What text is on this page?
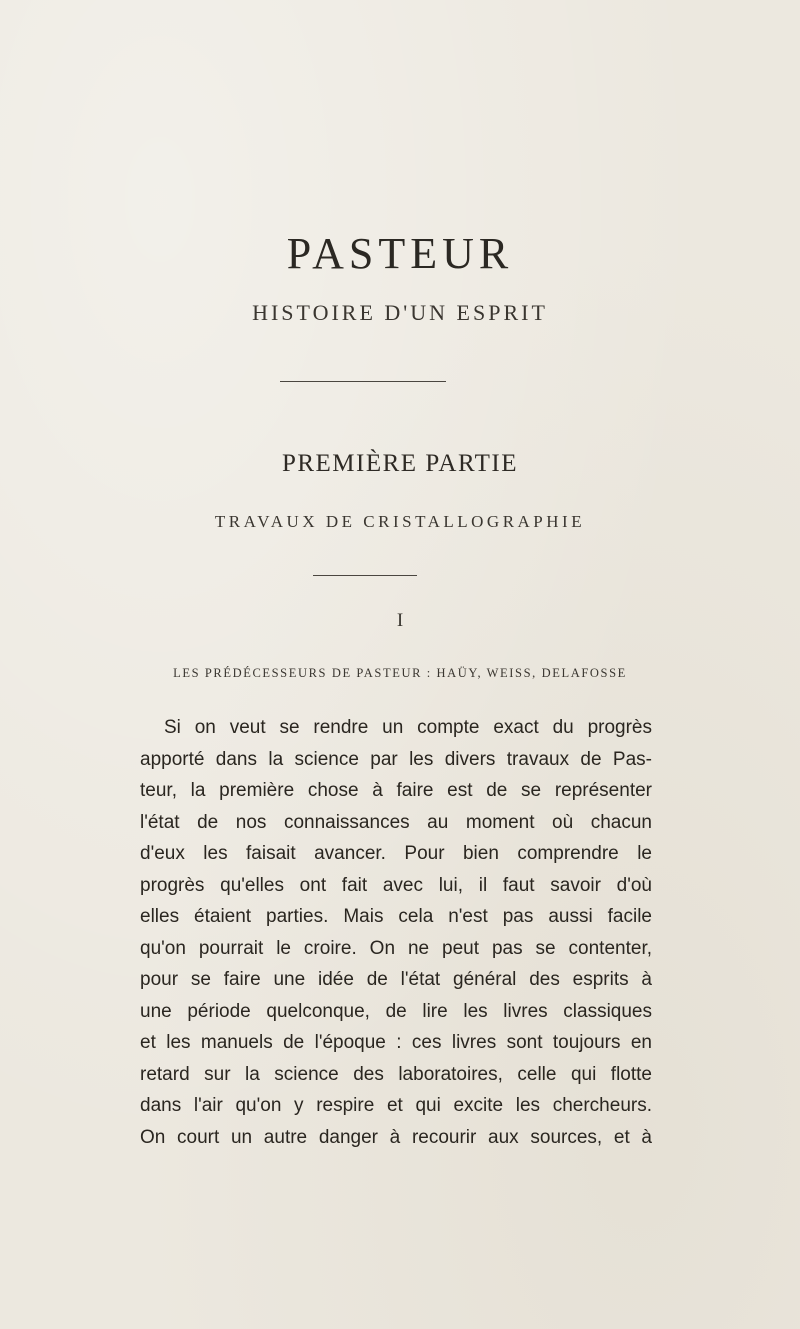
PASTEUR
HISTOIRE D'UN ESPRIT
PREMIÈRE PARTIE
TRAVAUX DE CRISTALLOGRAPHIE
I
LES PRÉDÉCESSEURS DE PASTEUR : HAÜY, WEISS, DELAFOSSE
Si on veut se rendre un compte exact du progrès
apporté dans la science par les divers travaux de Pas-
teur, la première chose à faire est de se représenter
l'état de nos connaissances au moment où chacun
d'eux les faisait avancer. Pour bien comprendre le
progrès qu'elles ont fait avec lui, il faut savoir d'où
elles étaient parties. Mais cela n'est pas aussi facile
qu'on pourrait le croire. On ne peut pas se contenter,
pour se faire une idée de l'état général des esprits à
une période quelconque, de lire les livres classiques
et les manuels de l'époque : ces livres sont toujours en
retard sur la science des laboratoires, celle qui flotte
dans l'air qu'on y respire et qui excite les chercheurs.
On court un autre danger à recourir aux sources, et à
